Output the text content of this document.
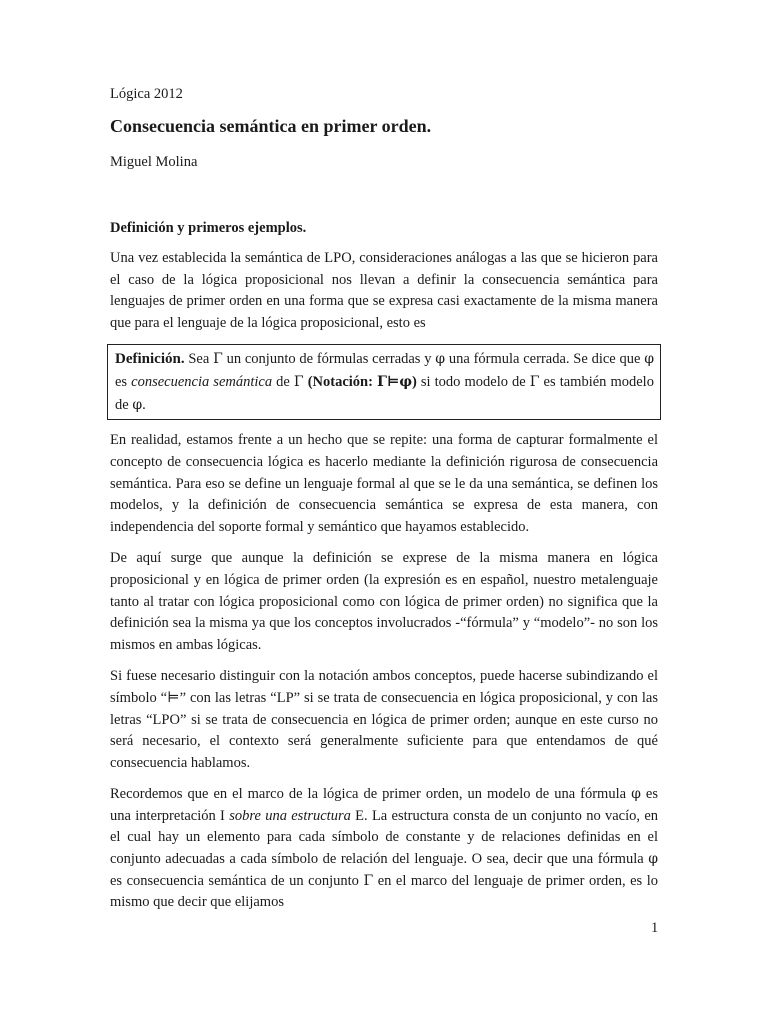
Lógica 2012
Consecuencia semántica en primer orden.
Miguel Molina
Definición y primeros ejemplos.

Una vez establecida la semántica de LPO, consideraciones análogas a las que se hicieron para el caso de la lógica proposicional nos llevan a definir la consecuencia semántica para lenguajes de primer orden en una forma que se expresa casi exactamente de la misma manera que para el lenguaje de la lógica proposicional, esto es

Definición. Sea Γ un conjunto de fórmulas cerradas y φ una fórmula cerrada. Se dice que φ es consecuencia semántica de Γ (Notación: Γ⊨φ) si todo modelo de Γ es también modelo de φ.

En realidad, estamos frente a un hecho que se repite: una forma de capturar formalmente el concepto de consecuencia lógica es hacerlo mediante la definición rigurosa de consecuencia semántica. Para eso se define un lenguaje formal al que se le da una semántica, se definen los modelos, y la definición de consecuencia semántica se expresa de esta manera, con independencia del soporte formal y semántico que hayamos establecido.

De aquí surge que aunque la definición se exprese de la misma manera en lógica proposicional y en lógica de primer orden (la expresión es en español, nuestro metalenguaje tanto al tratar con lógica proposicional como con lógica de primer orden) no significa que la definición sea la misma ya que los conceptos involucrados -“fórmula” y “modelo”- no son los mismos en ambas lógicas.

Si fuese necesario distinguir con la notación ambos conceptos, puede hacerse subindizando el símbolo “⊨” con las letras “LP” si se trata de consecuencia en lógica proposicional, y con las letras “LPO” si se trata de consecuencia en lógica de primer orden; aunque en este curso no será necesario, el contexto será generalmente suficiente para que entendamos de qué consecuencia hablamos.

Recordemos que en el marco de la lógica de primer orden, un modelo de una fórmula φ es una interpretación I sobre una estructura E. La estructura consta de un conjunto no vacío, en el cual hay un elemento para cada símbolo de constante y de relaciones definidas en el conjunto adecuadas a cada símbolo de relación del lenguaje. O sea, decir que una fórmula φ es consecuencia semántica de un conjunto Γ en el marco del lenguaje de primer orden, es lo mismo que decir que elijamos

1
